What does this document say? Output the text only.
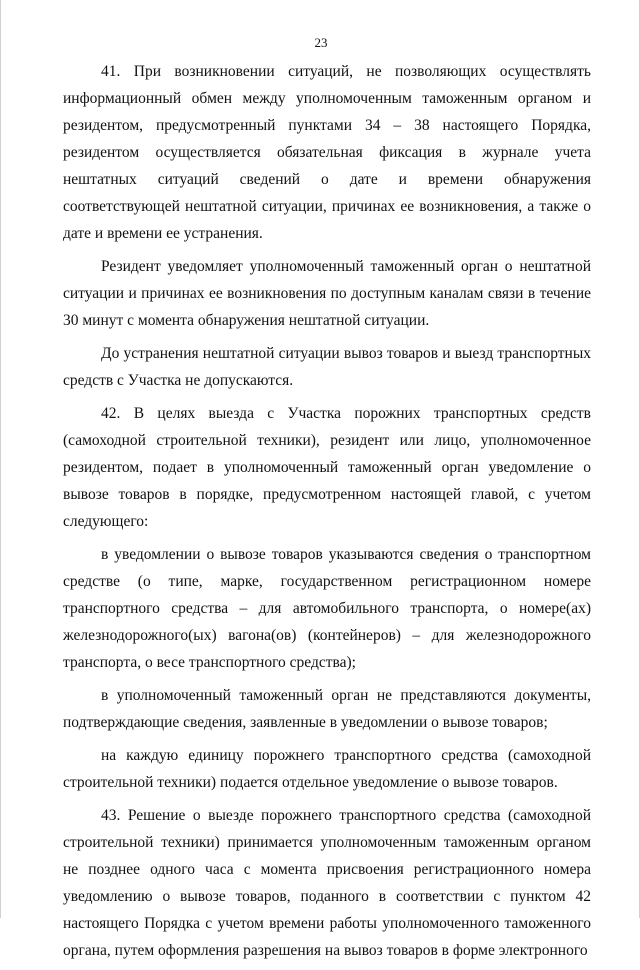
23

41. При возникновении ситуаций, не позволяющих осуществлять информационный обмен между уполномоченным таможенным органом и резидентом, предусмотренный пунктами 34 – 38 настоящего Порядка, резидентом осуществляется обязательная фиксация в журнале учета нештатных ситуаций сведений о дате и времени обнаружения соответствующей нештатной ситуации, причинах ее возникновения, а также о дате и времени ее устранения.

Резидент уведомляет уполномоченный таможенный орган о нештатной ситуации и причинах ее возникновения по доступным каналам связи в течение 30 минут с момента обнаружения нештатной ситуации.

До устранения нештатной ситуации вывоз товаров и выезд транспортных средств с Участка не допускаются.

42. В целях выезда с Участка порожних транспортных средств (самоходной строительной техники), резидент или лицо, уполномоченное резидентом, подает в уполномоченный таможенный орган уведомление о вывозе товаров в порядке, предусмотренном настоящей главой, с учетом следующего:

в уведомлении о вывозе товаров указываются сведения о транспортном средстве (о типе, марке, государственном регистрационном номере транспортного средства – для автомобильного транспорта, о номере(ах) железнодорожного(ых) вагона(ов) (контейнеров) – для железнодорожного транспорта, о весе транспортного средства);

в уполномоченный таможенный орган не представляются документы, подтверждающие сведения, заявленные в уведомлении о вывозе товаров;

на каждую единицу порожнего транспортного средства (самоходной строительной техники) подается отдельное уведомление о вывозе товаров.

43. Решение о выезде порожнего транспортного средства (самоходной строительной техники) принимается уполномоченным таможенным органом не позднее одного часа с момента присвоения регистрационного номера уведомлению о вывозе товаров, поданного в соответствии с пунктом 42 настоящего Порядка с учетом времени работы уполномоченного таможенного органа, путем оформления разрешения на вывоз товаров в форме электронного
